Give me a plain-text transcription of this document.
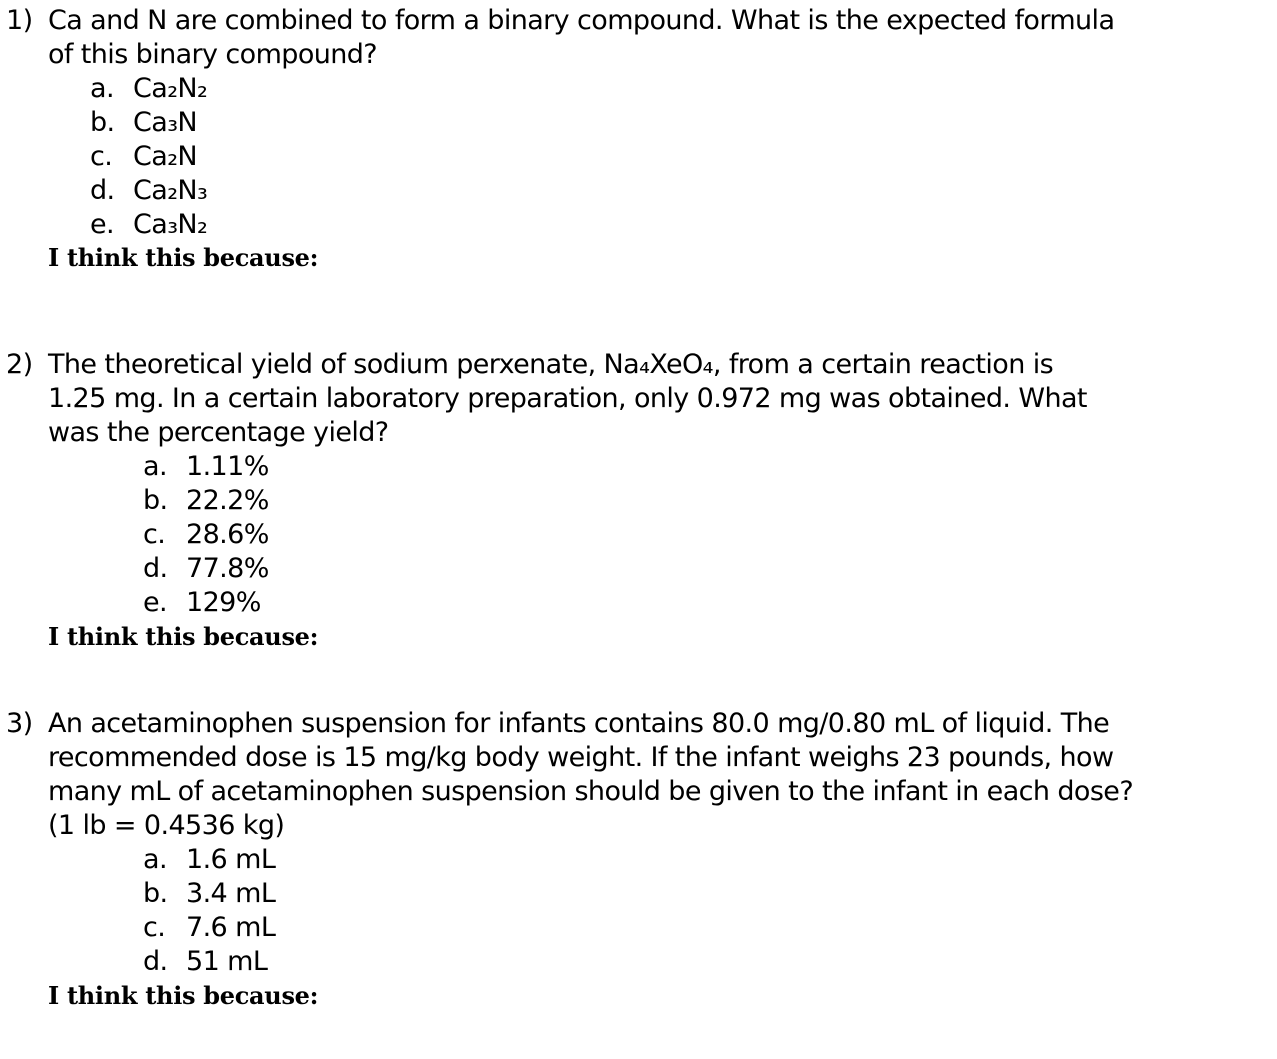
1) Ca and N are combined to form a binary compound. What is the expected formula
of this binary compound?
a. Ca₂N₂
b. Ca₃N
c. Ca₂N
d. Ca₂N₃
e. Ca₃N₂
I think this because:
2) The theoretical yield of sodium perxenate, Na₄XeO₄, from a certain reaction is
1.25 mg. In a certain laboratory preparation, only 0.972 mg was obtained. What
was the percentage yield?
a. 1.11%
b. 22.2%
c. 28.6%
d. 77.8%
e. 129%
I think this because:
3) An acetaminophen suspension for infants contains 80.0 mg/0.80 mL of liquid. The
recommended dose is 15 mg/kg body weight. If the infant weighs 23 pounds, how
many mL of acetaminophen suspension should be given to the infant in each dose?
(1 lb = 0.4536 kg)
a. 1.6 mL
b. 3.4 mL
c. 7.6 mL
d. 51 mL
I think this because:
